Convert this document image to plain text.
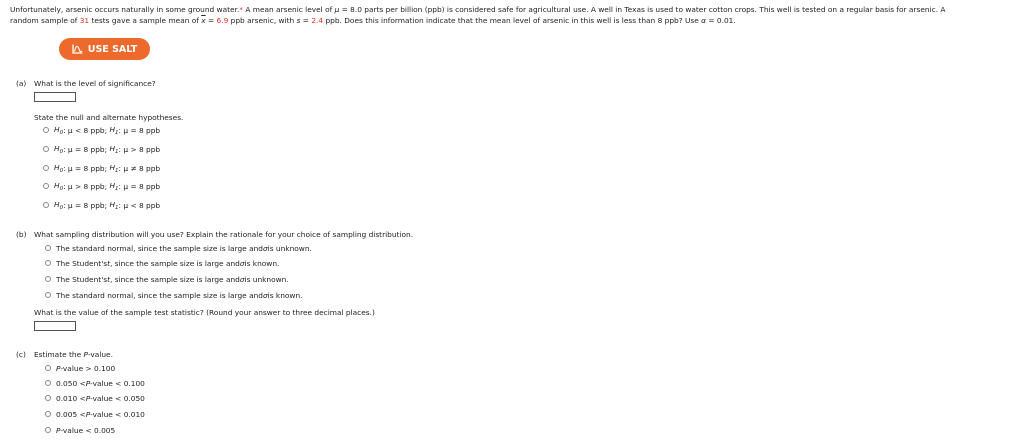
Unfortunately, arsenic occurs naturally in some ground water.* A mean arsenic level of μ = 8.0 parts per billion (ppb) is considered safe for agricultural use. A well in Texas is used to water cotton crops. This well is tested on a regular basis for arsenic. A
random sample of 31 tests gave a sample mean of $\overline{x} = 6.9$ ppb arsenic, with s = 2.4 ppb. Does this information indicate that the mean level of arsenic in this well is less than 8 ppb? Use α = 0.01.
USE SALT
(a) What is the level of significance?
State the null and alternate hypotheses.
$H_0$ : μ < 8 ppb;
$H_1$ : μ = 8 ppb
$H_0$ : μ = 8 ppb;
$H_1$ : μ > 8 ppb
$H_0$ : μ = 8 ppb;
$H_1$ : μ ≠ 8 ppb
$H_0$ : μ > 8 ppb;
$H_1$ : μ = 8 ppb
$H_0$ : μ = 8 ppb;
$H_1$ : μ < 8 ppb
(b) What sampling distribution will you use? Explain the rationale for your choice of sampling distribution.
The standard normal, since the sample size is large and σ is unknown.
The Student's t , since the sample size is large and σ is known.
The Student's t , since the sample size is large and σ is unknown.
The standard normal, since the sample size is large and σ is known.
What is the value of the sample test statistic? (Round your answer to three decimal places.)
(c) Estimate the P-value.
P -value > 0.100
0.050 < P -value < 0.100
0.010 < P -value < 0.050
0.005 < P -value < 0.010
P -value < 0.005
